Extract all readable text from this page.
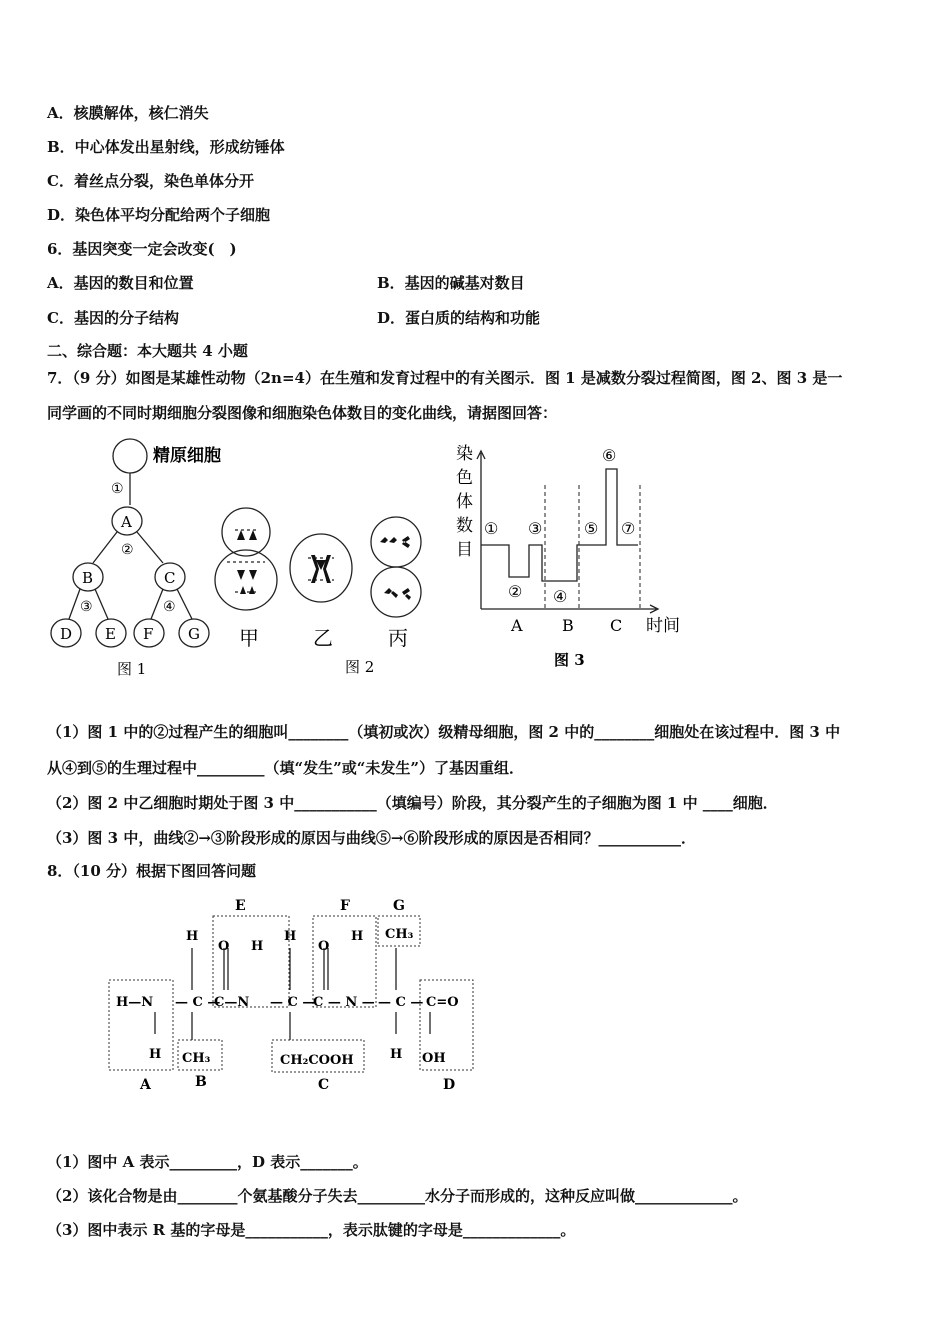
A．核膜解体，核仁消失
B．中心体发出星射线，形成纺锤体
C．着丝点分裂，染色单体分开
D．染色体平均分配给两个子细胞
6．基因突变一定会改变(　)
A．基因的数目和位置	B．基因的碱基对数目
C．基因的分子结构	D．蛋白质的结构和功能
二、综合题：本大题共 4 小题
7．（9 分）如图是某雄性动物（2n=4）在生殖和发育过程中的有关图示．图 1 是减数分裂过程简图，图 2、图 3 是一
同学画的不同时期细胞分裂图像和细胞染色体数目的变化曲线，请据图回答：
精原细胞
①
A
②
B	C
③	④
D E F G
图 1
甲	乙	丙
图 2
染
色
体
数
目
①
②
③
④
⑤
⑥
⑦
A B C 时间
图 3
（1）图 1 中的②过程产生的细胞叫________（填初或次）级精母细胞，图 2 中的________细胞处在该过程中．图 3 中
从④到⑤的生理过程中_________（填“发生”或“未发生”）了基因重组．
（2）图 2 中乙细胞时期处于图 3 中___________（填编号）阶段，其分裂产生的子细胞为图 1 中 ____细胞．
（3）图 3 中，曲线②→③阶段形成的原因与曲线⑤→⑥阶段形成的原因是否相同？___________．
8．（10 分）根据下图回答问题
E	F	G
A	B	C	D
H
O H
H
O
H CH₃
H—N — C —
C—N — C —
C — N — — C — C=O
H CH₃	CH₂COOH	H OH
（1）图中 A 表示_________，D 表示_______。
（2）该化合物是由________个氨基酸分子失去_________水分子而形成的，这种反应叫做_____________。
（3）图中表示 R 基的字母是___________，表示肽键的字母是_____________。
